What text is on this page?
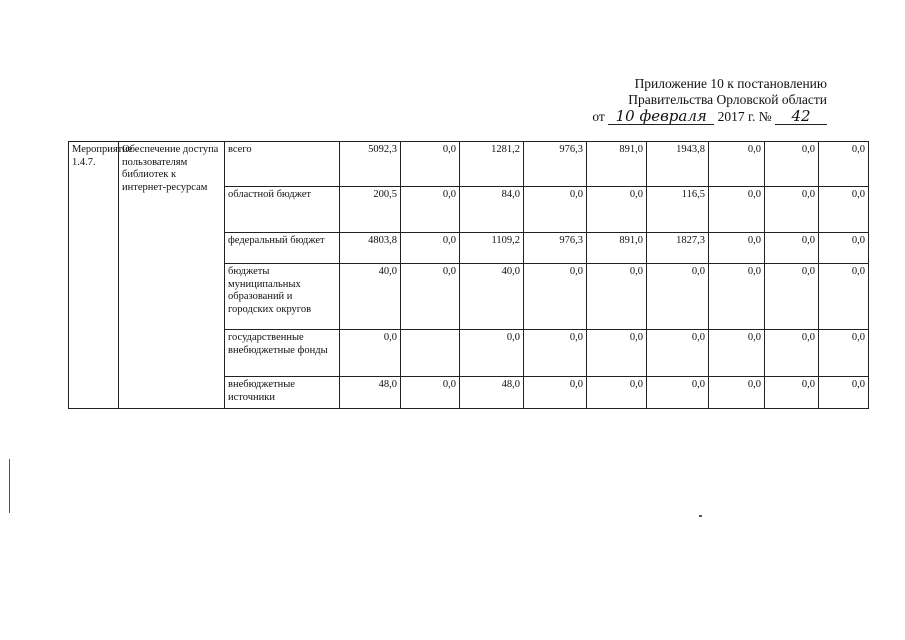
Приложение 10 к постановлению
Правительства Орловской области
от 10 февраля 2017 г. № 42
Мероприятие 1.4.7.	Обеспечение доступа пользователям библиотек к интернет-ресурсам	всего	5092,3	0,0	1281,2	976,3	891,0	1943,8	0,0	0,0	0,0
		областной бюджет	200,5	0,0	84,0	0,0	0,0	116,5	0,0	0,0	0,0
		федеральный бюджет	4803,8	0,0	1109,2	976,3	891,0	1827,3	0,0	0,0	0,0
		бюджеты муниципальных образований и городских округов	40,0	0,0	40,0	0,0	0,0	0,0	0,0	0,0	0,0
		государственные внебюджетные фонды	0,0		0,0	0,0	0,0	0,0	0,0	0,0	0,0
		внебюджетные источники	48,0	0,0	48,0	0,0	0,0	0,0	0,0	0,0	0,0
